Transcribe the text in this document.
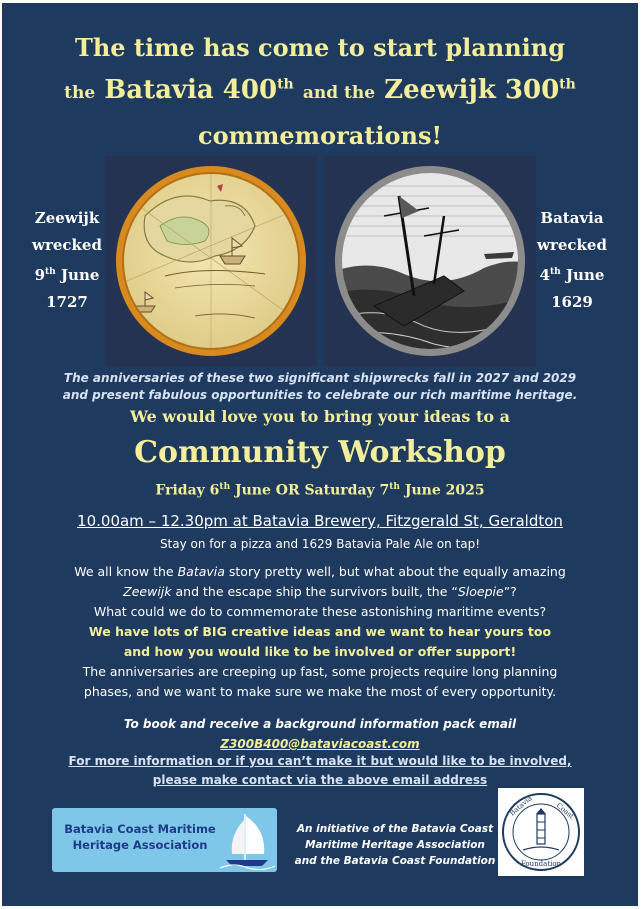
The time has come to start planning
the Batavia 400th and the Zeewijk 300th
commemorations!
Zeewijk
wrecked
9th June
1727
Batavia
wrecked
4th June
1629
The anniversaries of these two significant shipwrecks fall in 2027 and 2029
and present fabulous opportunities to celebrate our rich maritime heritage.
We would love you to bring your ideas to a
Community Workshop
Friday 6th June OR Saturday 7th June 2025
10.00am – 12.30pm at Batavia Brewery, Fitzgerald St, Geraldton
Stay on for a pizza and 1629 Batavia Pale Ale on tap!
We all know the Batavia story pretty well, but what about the equally amazing
Zeewijk and the escape ship the survivors built, the “Sloepie”?
What could we do to commemorate these astonishing maritime events?
We have lots of BIG creative ideas and we want to hear yours too
and how you would like to be involved or offer support!
The anniversaries are creeping up fast, some projects require long planning
phases, and we want to make sure we make the most of every opportunity.
To book and receive a background information pack email
Z300B400@bataviacoast.com
For more information or if you can’t make it but would like to be involved,
please make contact via the above email address
Batavia Coast Maritime
Heritage Association
An initiative of the Batavia Coast
Maritime Heritage Association
and the Batavia Coast Foundation
Batavia	Coast
Foundation
